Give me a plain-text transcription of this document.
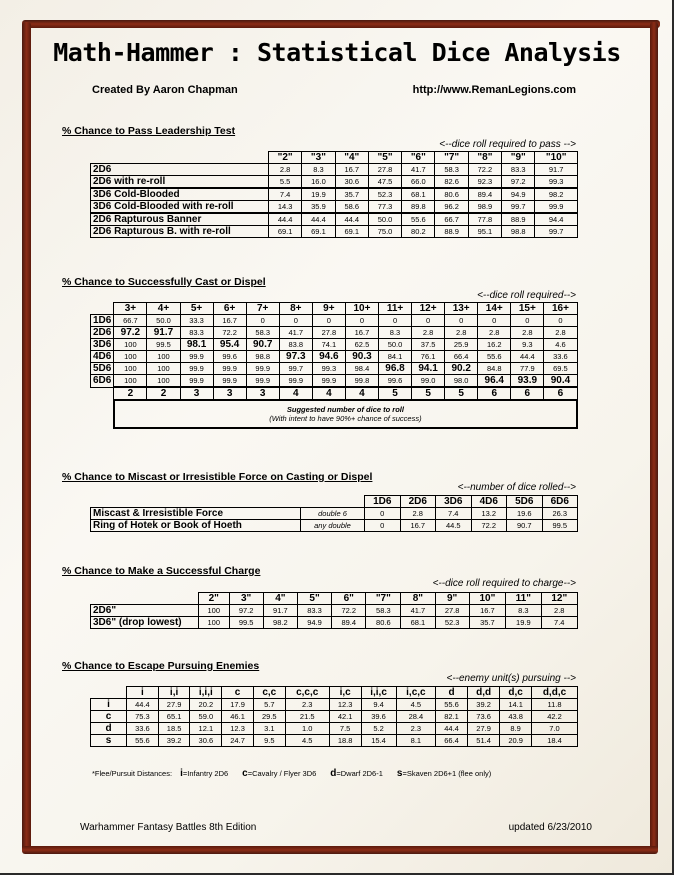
Math-Hammer : Statistical Dice Analysis
Created By Aaron Chapman	http://www.RemanLegions.com
% Chance to Pass Leadership Test
<--dice roll required to pass -->
	"2"	"3"	"4"	"5"	"6"	"7"	"8"	"9"	"10"
2D6	2.8	8.3	16.7	27.8	41.7	58.3	72.2	83.3	91.7
2D6 with re-roll	5.5	16.0	30.6	47.5	66.0	82.6	92.3	97.2	99.3
3D6 Cold-Blooded	7.4	19.9	35.7	52.3	68.1	80.6	89.4	94.9	98.2
3D6 Cold-Blooded with re-roll	14.3	35.9	58.6	77.3	89.8	96.2	98.9	99.7	99.9
2D6 Rapturous Banner	44.4	44.4	44.4	50.0	55.6	66.7	77.8	88.9	94.4
2D6 Rapturous B. with re-roll	69.1	69.1	69.1	75.0	80.2	88.9	95.1	98.8	99.7
% Chance to Successfully Cast or Dispel
<--dice roll required-->
	3+	4+	5+	6+	7+	8+	9+	10+	11+	12+	13+	14+	15+	16+
1D6	66.7	50.0	33.3	16.7	0	0	0	0	0	0	0	0	0	0
2D6	97.2	91.7	83.3	72.2	58.3	41.7	27.8	16.7	8.3	2.8	2.8	2.8	2.8	2.8
3D6	100	99.5	98.1	95.4	90.7	83.8	74.1	62.5	50.0	37.5	25.9	16.2	9.3	4.6
4D6	100	100	99.9	99.6	98.8	97.3	94.6	90.3	84.1	76.1	66.4	55.6	44.4	33.6
5D6	100	100	99.9	99.9	99.9	99.7	99.3	98.4	96.8	94.1	90.2	84.8	77.9	69.5
6D6	100	100	99.9	99.9	99.9	99.9	99.9	99.8	99.6	99.0	98.0	96.4	93.9	90.4
	2	2	3	3	3	4	4	4	5	5	5	6	6	6

	Suggested number of dice to roll
(With intent to have 90%+ chance of success)													
% Chance to Miscast or Irresistible Force on Casting or Dispel
<--number of dice rolled-->
		1D6	2D6	3D6	4D6	5D6	6D6
Miscast & Irresistible Force	double 6	0	2.8	7.4	13.2	19.6	26.3
Ring of Hotek or Book of Hoeth	any double	0	16.7	44.5	72.2	90.7	99.5
% Chance to Make a Successful Charge
<--dice roll required to charge-->
	2"	3"	4"	5"	6"	"7"	8"	9"	10"	11"	12"
2D6"	100	97.2	91.7	83.3	72.2	58.3	41.7	27.8	16.7	8.3	2.8
3D6" (drop lowest)	100	99.5	98.2	94.9	89.4	80.6	68.1	52.3	35.7	19.9	7.4
% Chance to Escape Pursuing Enemies
<--enemy unit(s) pursuing -->
	i	i,i	i,i,i	c	c,c	c,c,c	i,c	i,i,c	i,c,c	d	d,d	d,c	d,d,c
i	44.4	27.9	20.2	17.9	5.7	2.3	12.3	9.4	4.5	55.6	39.2	14.1	11.8
c	75.3	65.1	59.0	46.1	29.5	21.5	42.1	39.6	28.4	82.1	73.6	43.8	42.2
d	33.6	18.5	12.1	12.3	3.1	1.0	7.5	5.2	2.3	44.4	27.9	8.9	7.0
s	55.6	39.2	30.6	24.7	9.5	4.5	18.8	15.4	8.1	66.4	51.4	20.9	18.4
*Flee/Pursuit Distances: i=Infantry 2D6 c=Cavalry / Flyer 3D6 d=Dwarf 2D6-1 s=Skaven 2D6+1 (flee only)
Warhammer Fantasy Battles 8th Edition	updated 6/23/2010
